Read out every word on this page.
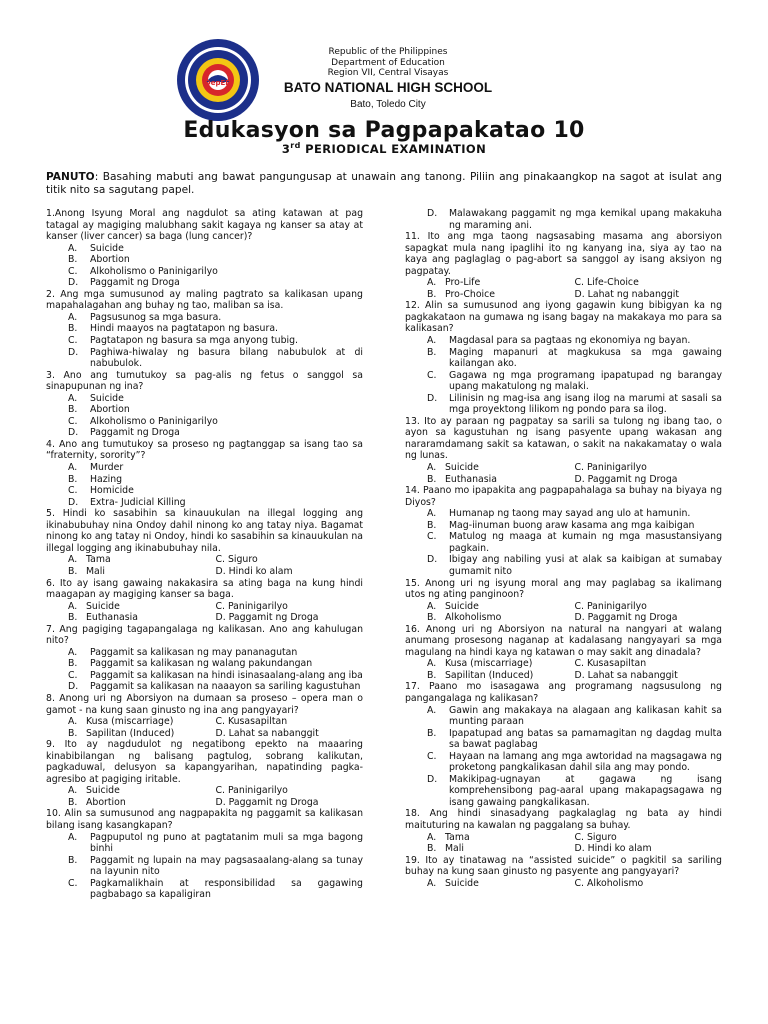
DepED
Republic of the Philippines
Department of Education
Region VII, Central Visayas
BATO NATIONAL HIGH SCHOOL
Bato, Toledo City
Edukasyon sa Pagpapakatao 10
3rd PERIODICAL EXAMINATION
PANUTO: Basahing mabuti ang bawat pangungusap at unawain ang tanong. Piliin ang pinakaangkop na sagot at isulat ang titik nito sa sagutang papel.
1.Anong Isyung Moral ang nagdulot sa ating katawan at pag tatagal ay magiging malubhang sakit kagaya ng kanser sa atay at kanser (liver cancer) sa baga (lung cancer)?
A.	Suicide
B.	Abortion
C.	Alkoholismo o Paninigarilyo
D.	Paggamit ng Droga
2. Ang mga sumusunod ay maling pagtrato sa kalikasan upang mapahalagahan ang buhay ng tao, maliban sa isa.
A.	Pagsusunog sa mga basura.
B.	Hindi maayos na pagtatapon ng basura.
C.	Pagtatapon ng basura sa mga anyong tubig.
D.	Paghiwa-hiwalay ng basura bilang nabubulok at di nabubulok.
3. Ano ang tumutukoy sa pag-alis ng fetus o sanggol sa sinapupunan ng ina?
A.	Suicide
B.	Abortion
C.	Alkoholismo o Paninigarilyo
D.	Paggamit ng Droga
4. Ano ang tumutukoy sa proseso ng pagtanggap sa isang tao sa “fraternity, sorority”?
A.	Murder
B.	Hazing
C.	Homicide
D.	Extra- Judicial Killing
5. Hindi ko sasabihin sa kinauukulan na illegal logging ang ikinabubuhay nina Ondoy dahil ninong ko ang tatay niya. Bagamat ninong ko ang tatay ni Ondoy, hindi ko sasabihin sa kinauukulan na illegal logging ang ikinabubuhay nila.
A. Tama	C. Siguro
B. Mali	D. Hindi ko alam
6. Ito ay isang gawaing nakakasira sa ating baga na kung hindi maagapan ay magiging kanser sa baga.
A. Suicide	C. Paninigarilyo
B. Euthanasia	D. Paggamit ng Droga
7. Ang pagiging tagapangalaga ng kalikasan. Ano ang kahulugan nito?
A.	Paggamit sa kalikasan ng may pananagutan
B.	Paggamit sa kalikasan ng walang pakundangan
C.	Paggamit sa kalikasan na hindi isinasaalang-alang ang iba
D.	Paggamit sa kalikasan na naaayon sa sariling kagustuhan
8. Anong uri ng Aborsiyon na dumaan sa proseso – opera man o gamot - na kung saan ginusto ng ina ang pangyayari?
A. Kusa (miscarriage)	C. Kusasapiltan
B. Sapilitan (Induced)	D. Lahat sa nabanggit
9. Ito ay nagdudulot ng negatibong epekto na maaaring kinabibilangan ng balisang pagtulog, sobrang kalikutan, pagkaduwal, delusyon sa kapangyarihan, napatinding pagka-agresibo at pagiging iritable.
A. Suicide	C. Paninigarilyo
B. Abortion	D. Paggamit ng Droga
10. Alin sa sumusunod ang nagpapakita ng paggamit sa kalikasan bilang isang kasangkapan?
A.	Pagpuputol ng puno at pagtatanim muli sa mga bagong binhi
B.	Paggamit ng lupain na may pagsasaalang-alang sa tunay na layunin nito
C.	Pagkamalikhain at responsibilidad sa gagawing pagbabago sa kapaligiran
D.	Malawakang paggamit ng mga kemikal upang makakuha ng maraming ani.
11. Ito ang mga taong nagsasabing masama ang aborsiyon sapagkat mula nang ipaglihi ito ng kanyang ina, siya ay tao na kaya ang paglaglag o pag-abort sa sanggol ay isang aksiyon ng pagpatay.
A. Pro-Life	C. Life-Choice
B. Pro-Choice	D. Lahat ng nabanggit
12. Alin sa sumusunod ang iyong gagawin kung bibigyan ka ng pagkakataon na gumawa ng isang bagay na makakaya mo para sa kalikasan?
A.	Magdasal para sa pagtaas ng ekonomiya ng bayan.
B.	Maging mapanuri at magkukusa sa mga gawaing kailangan ako.
C.	Gagawa ng mga programang ipapatupad ng barangay upang makatulong ng malaki.
D.	Lilinisin ng mag-isa ang isang ilog na marumi at sasali sa mga proyektong lilikom ng pondo para sa ilog.
13. Ito ay paraan ng pagpatay sa sarili sa tulong ng ibang tao, o ayon sa kagustuhan ng isang pasyente upang wakasan ang nararamdamang sakit sa katawan, o sakit na nakakamatay o wala ng lunas.
A. Suicide	C. Paninigarilyo
B. Euthanasia	D. Paggamit ng Droga
14. Paano mo ipapakita ang pagpapahalaga sa buhay na biyaya ng Diyos?
A.	Humanap ng taong may sayad ang ulo at hamunin.
B.	Mag-iinuman buong araw kasama ang mga kaibigan
C.	Matulog ng maaga at kumain ng mga masustansiyang pagkain.
D.	Ibigay ang nabiling yusi at alak sa kaibigan at sumabay gumamit nito
15. Anong uri ng isyung moral ang may paglabag sa ikalimang utos ng ating panginoon?
A. Suicide	C. Paninigarilyo
B. Alkoholismo	D. Paggamit ng Droga
16. Anong uri ng Aborsiyon na natural na nangyari at walang anumang prosesong naganap at kadalasang nangyayari sa mga magulang na hindi kaya ng katawan o may sakit ang dinadala?
A. Kusa (miscarriage)	C. Kusasapiltan
B. Sapilitan (Induced)	D. Lahat sa nabanggit
17. Paano mo isasagawa ang programang nagsusulong ng pangangalaga ng kalikasan?
A.	Gawin ang makakaya na alagaan ang kalikasan kahit sa munting paraan
B.	Ipapatupad ang batas sa pamamagitan ng dagdag multa sa bawat paglabag
C.	Hayaan na lamang ang mga awtoridad na magsagawa ng proketong pangkalikasan dahil sila ang may pondo.
D.	Makikipag-ugnayan at gagawa ng isang komprehensibong pag-aaral upang makapagsagawa ng isang gawaing pangkalikasan.
18. Ang hindi sinasadyang pagkalaglag ng bata ay hindi maituturing na kawalan ng paggalang sa buhay.
A. Tama	C. Siguro
B. Mali	D. Hindi ko alam
19. Ito ay tinatawag na “assisted suicide” o pagkitil sa sariling buhay na kung saan ginusto ng pasyente ang pangyayari?
A. Suicide	C. Alkoholismo
